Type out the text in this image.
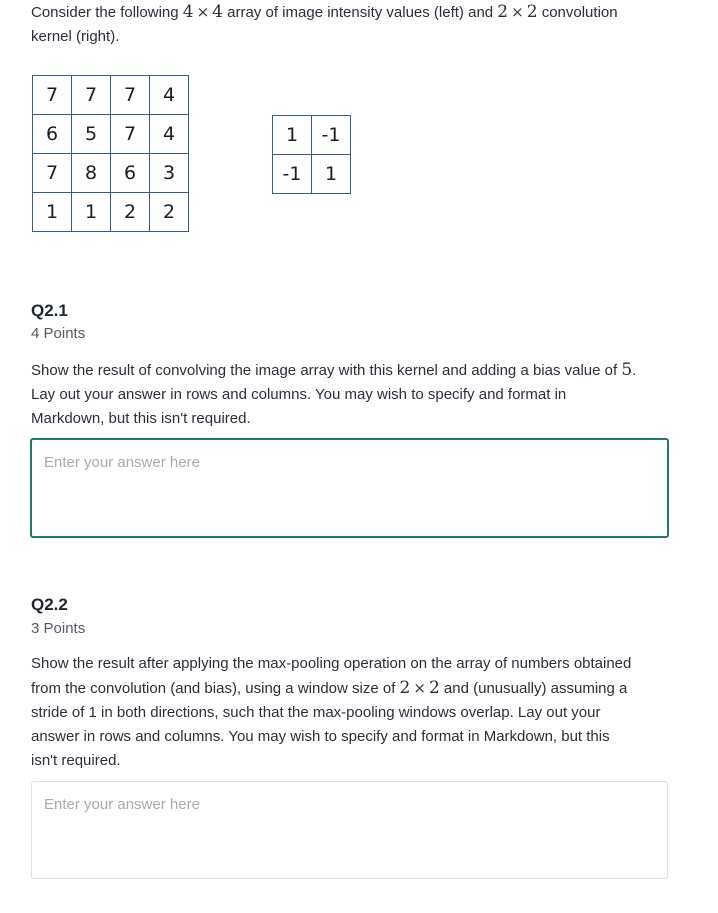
Consider the following 4 × 4 array of image intensity values (left) and 2 × 2 convolution
kernel (right).
7	7	7	4
6	5	7	4
7	8	6	3
1	1	2	2
1	-1
-1	1
Q2.1
4 Points
Show the result of convolving the image array with this kernel and adding a bias value of 5.
Lay out your answer in rows and columns. You may wish to specify and format in
Markdown, but this isn't required.
Enter your answer here
Q2.2
3 Points
Show the result after applying the max-pooling operation on the array of numbers obtained
from the convolution (and bias), using a window size of 2 × 2 and (unusually) assuming a
stride of 1 in both directions, such that the max-pooling windows overlap. Lay out your
answer in rows and columns. You may wish to specify and format in Markdown, but this
isn't required.
Enter your answer here
